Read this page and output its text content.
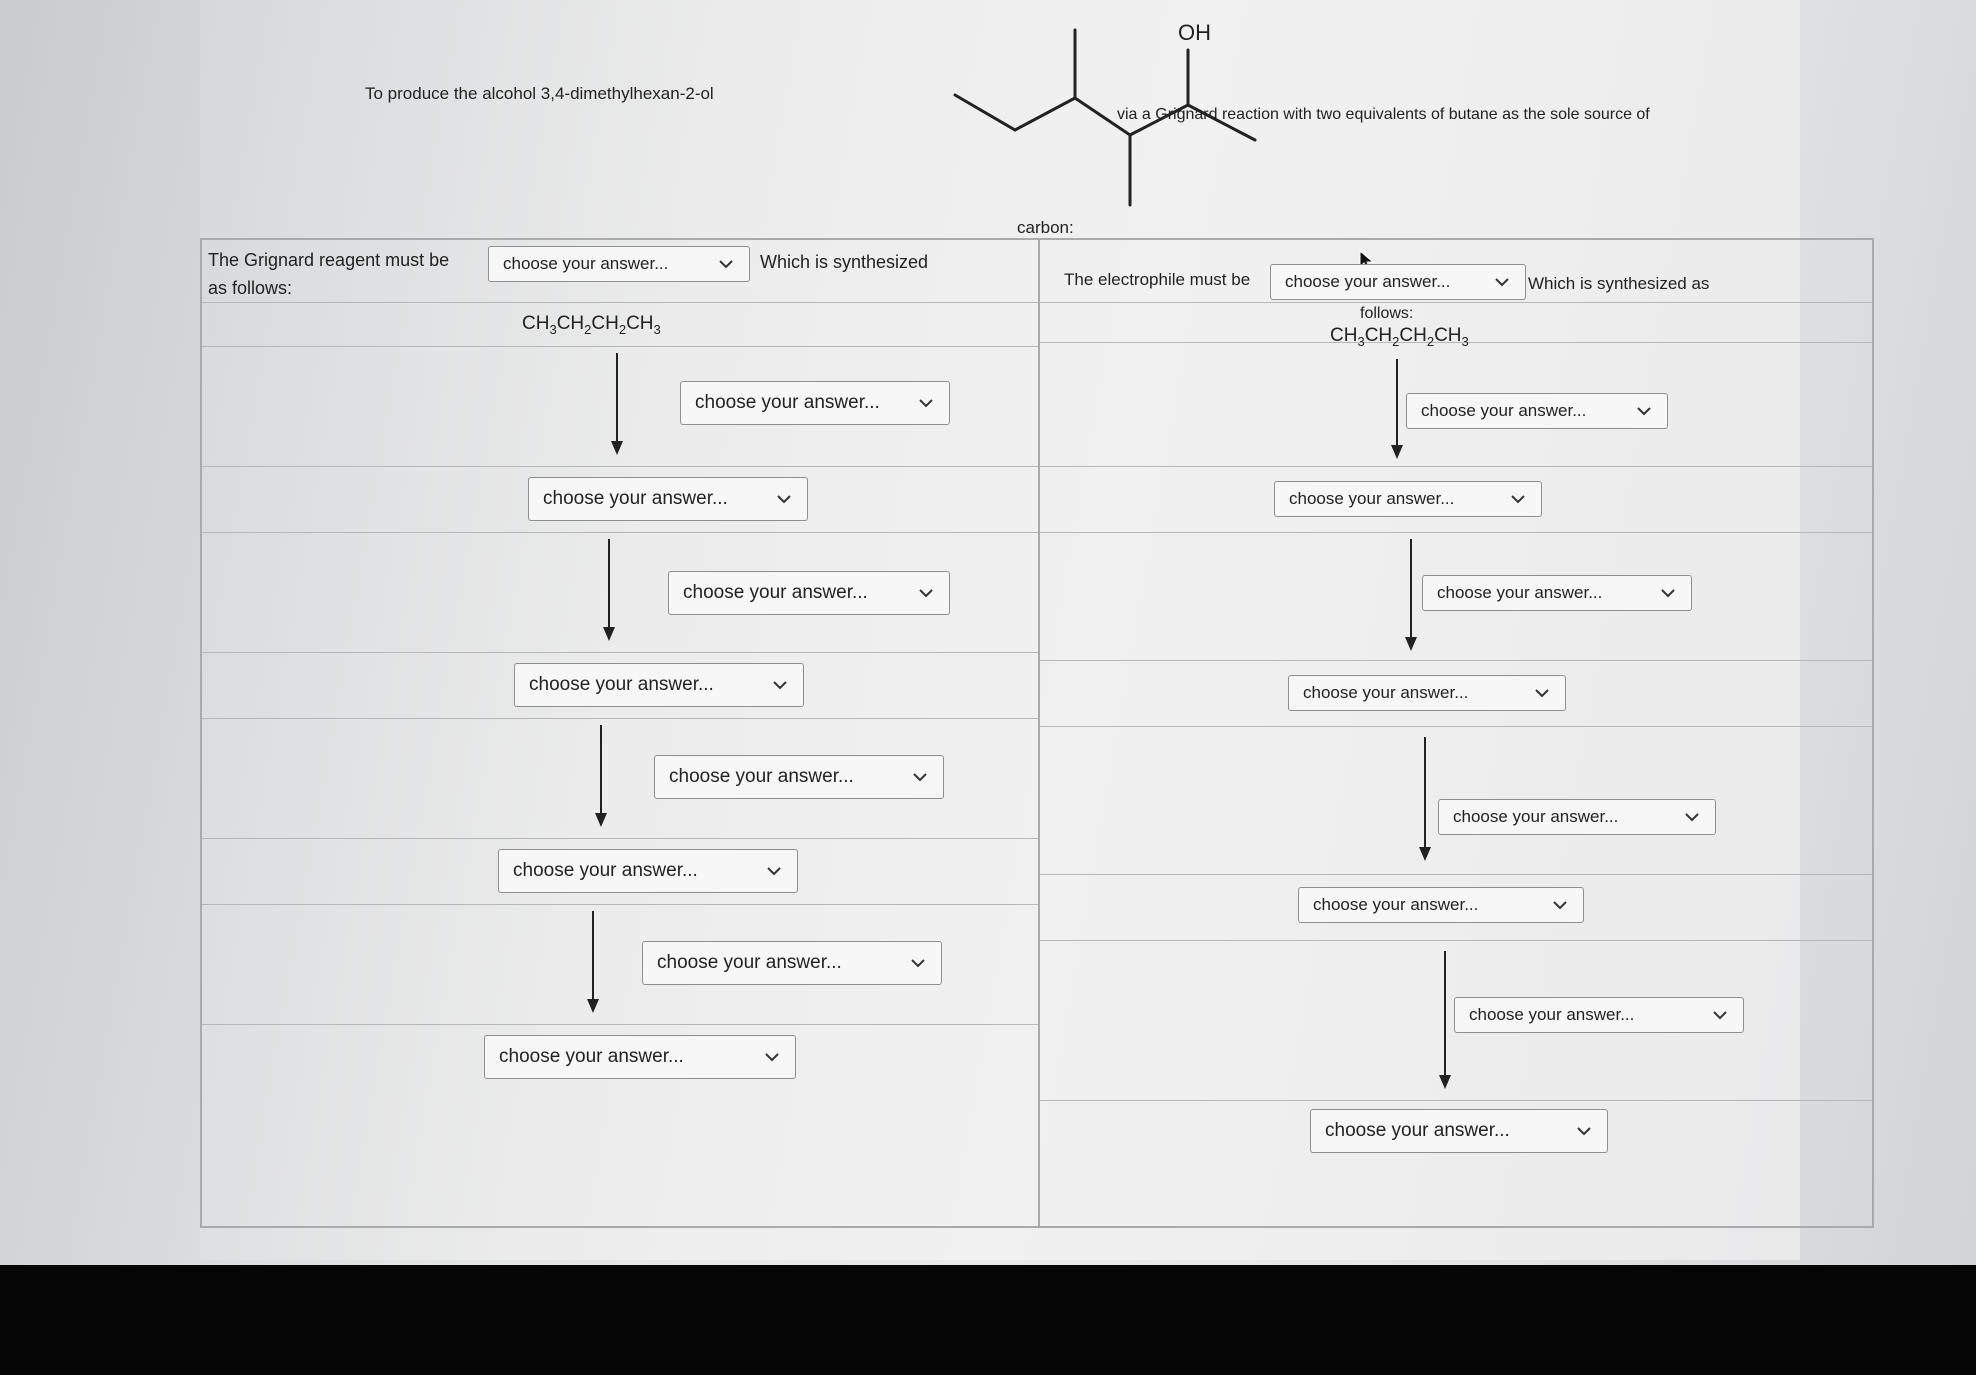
To produce the alcohol 3,4-dimethylhexan-2-ol
OH
via a Grignard reaction with two equivalents of butane as the sole source of
carbon:
The Grignard reagent must be	choose your answer...	Which is synthesized
as follows:
$CH_3CH_2CH_2CH_3$
choose your answer...
choose your answer...
choose your answer...
choose your answer...
choose your answer...
choose your answer...
choose your answer...
choose your answer...
The electrophile must be choose your answer...	Which is synthesized as
follows:
$CH_3CH_2CH_2CH_3$
choose your answer...
choose your answer...
choose your answer...
choose your answer...
choose your answer...
choose your answer...
choose your answer...
choose your answer...
